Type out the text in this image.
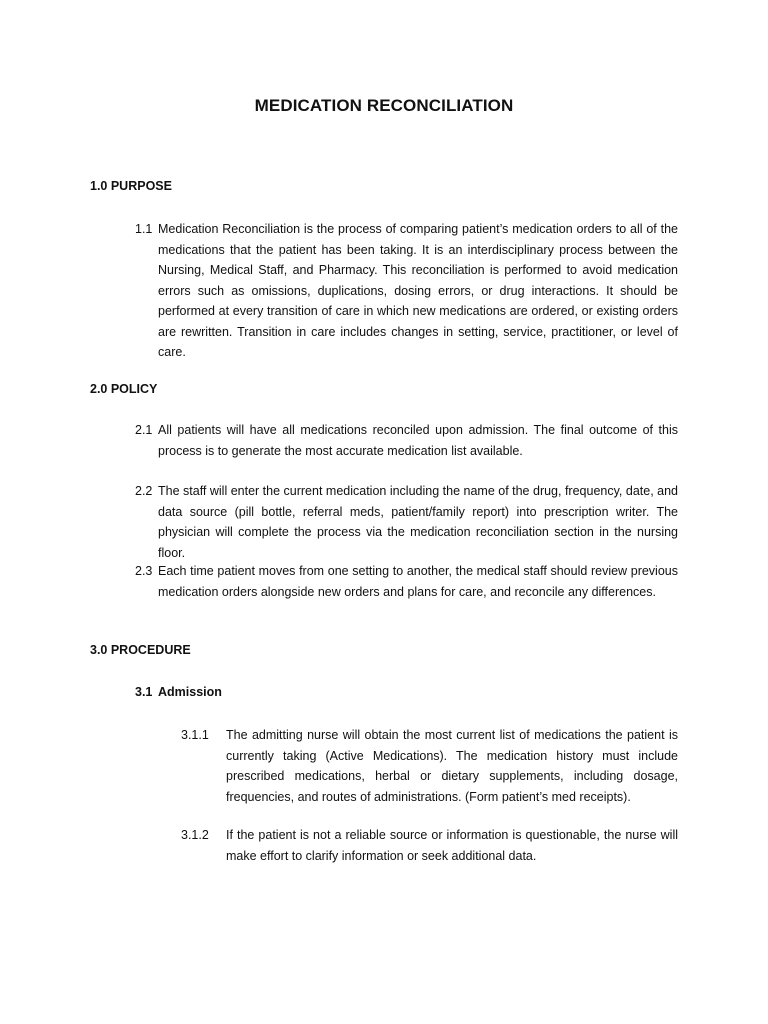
MEDICATION RECONCILIATION
1.0 PURPOSE
1.1 Medication Reconciliation is the process of comparing patient’s medication orders to all of the medications that the patient has been taking. It is an interdisciplinary process between the Nursing, Medical Staff, and Pharmacy. This reconciliation is performed to avoid medication errors such as omissions, duplications, dosing errors, or drug interactions. It should be performed at every transition of care in which new medications are ordered, or existing orders are rewritten. Transition in care includes changes in setting, service, practitioner, or level of care.
2.0 POLICY
2.1 All patients will have all medications reconciled upon admission. The final outcome of this process is to generate the most accurate medication list available.
2.2 The staff will enter the current medication including the name of the drug, frequency, date, and data source (pill bottle, referral meds, patient/family report) into prescription writer. The physician will complete the process via the medication reconciliation section in the nursing floor.
2.3 Each time patient moves from one setting to another, the medical staff should review previous medication orders alongside new orders and plans for care, and reconcile any differences.
3.0 PROCEDURE
3.1 Admission
3.1.1 The admitting nurse will obtain the most current list of medications the patient is currently taking (Active Medications). The medication history must include prescribed medications, herbal or dietary supplements, including dosage, frequencies, and routes of administrations. (Form patient’s med receipts).
3.1.2 If the patient is not a reliable source or information is questionable, the nurse will make effort to clarify information or seek additional data.
